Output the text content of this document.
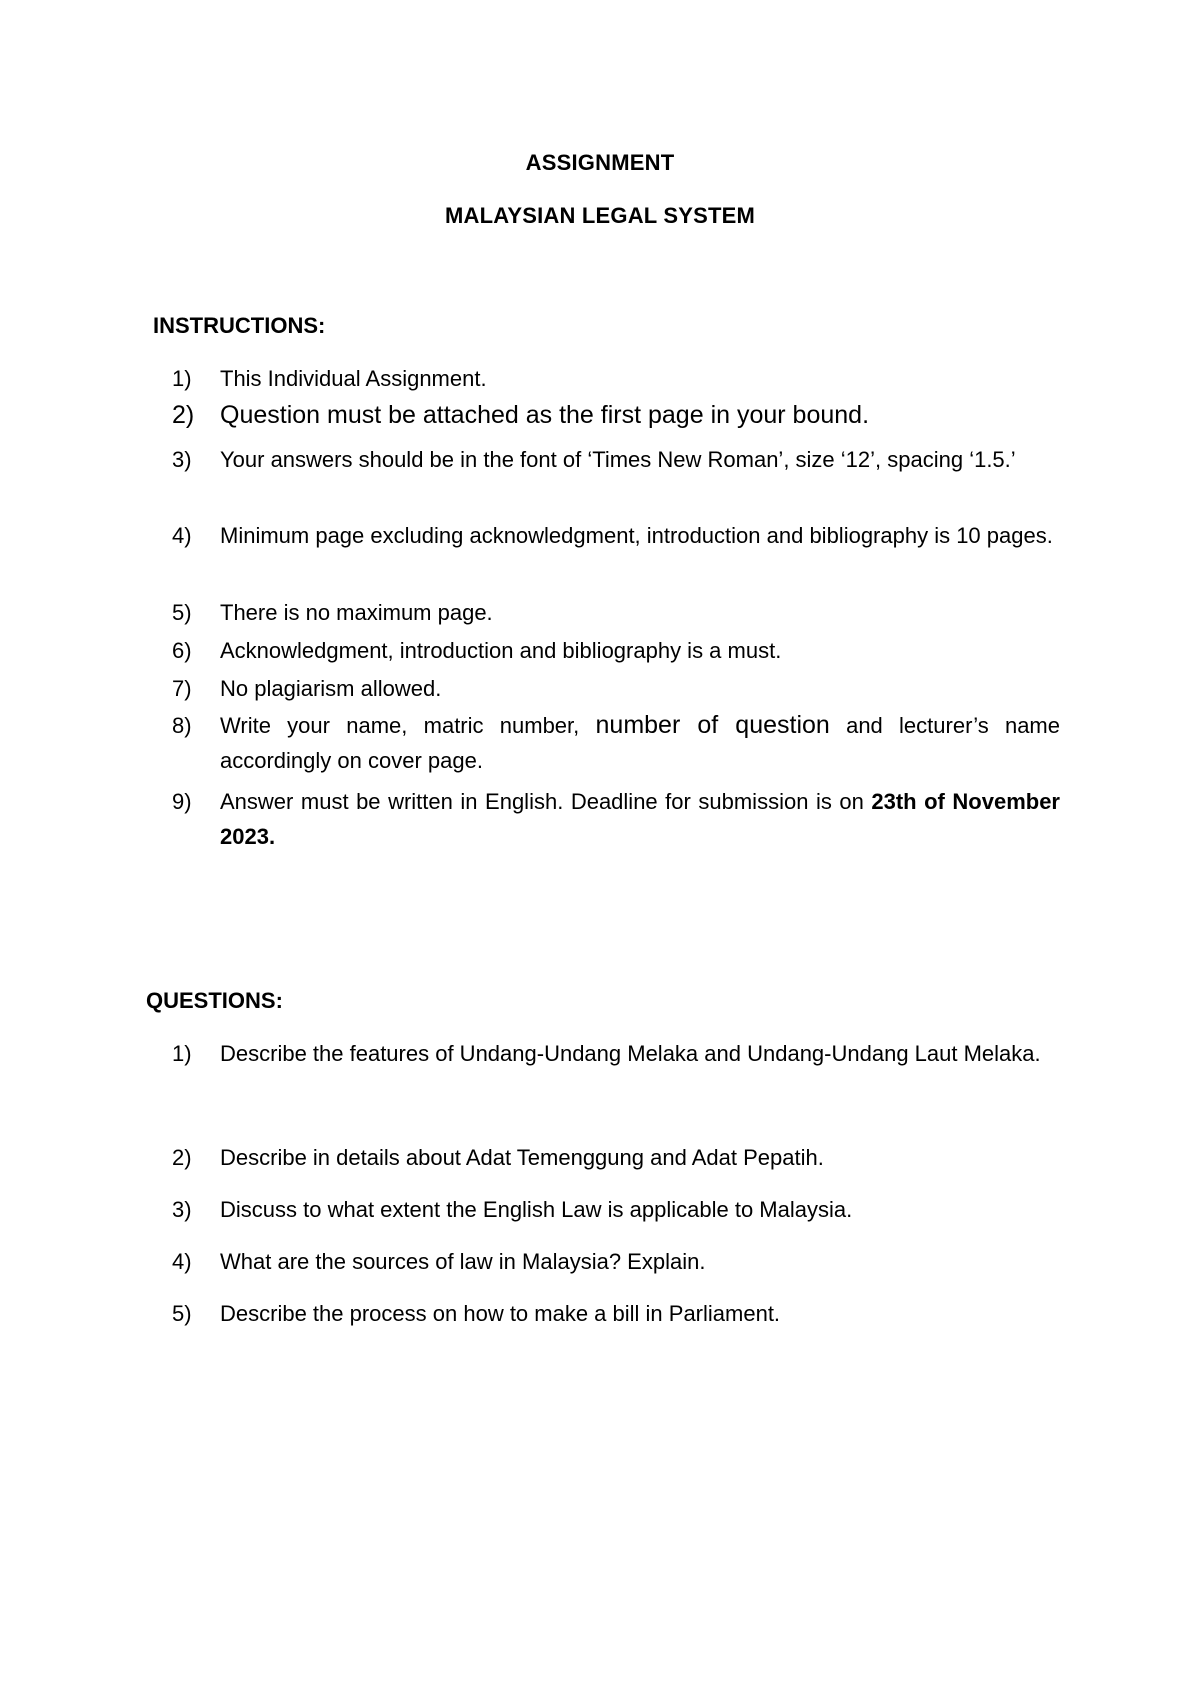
ASSIGNMENT
MALAYSIAN LEGAL SYSTEM
INSTRUCTIONS:
1)	This Individual Assignment.
2)	Question must be attached as the first page in your bound.
3)	Your answers should be in the font of ‘Times New Roman’, size ‘12’, spacing ‘1.5.’
4)	Minimum page excluding acknowledgment, introduction and bibliography is 10 pages.
5)	There is no maximum page.
6)	Acknowledgment, introduction and bibliography is a must.
7)	No plagiarism allowed.
8)	Write your name, matric number, number of question and lecturer’s name accordingly on cover page.
9)	Answer must be written in English. Deadline for submission is on 23th of November 2023.
QUESTIONS:
1)	Describe the features of Undang-Undang Melaka and Undang-Undang Laut Melaka.
2)	Describe in details about Adat Temenggung and Adat Pepatih.
3)	Discuss to what extent the English Law is applicable to Malaysia.
4)	What are the sources of law in Malaysia? Explain.
5)	Describe the process on how to make a bill in Parliament.
